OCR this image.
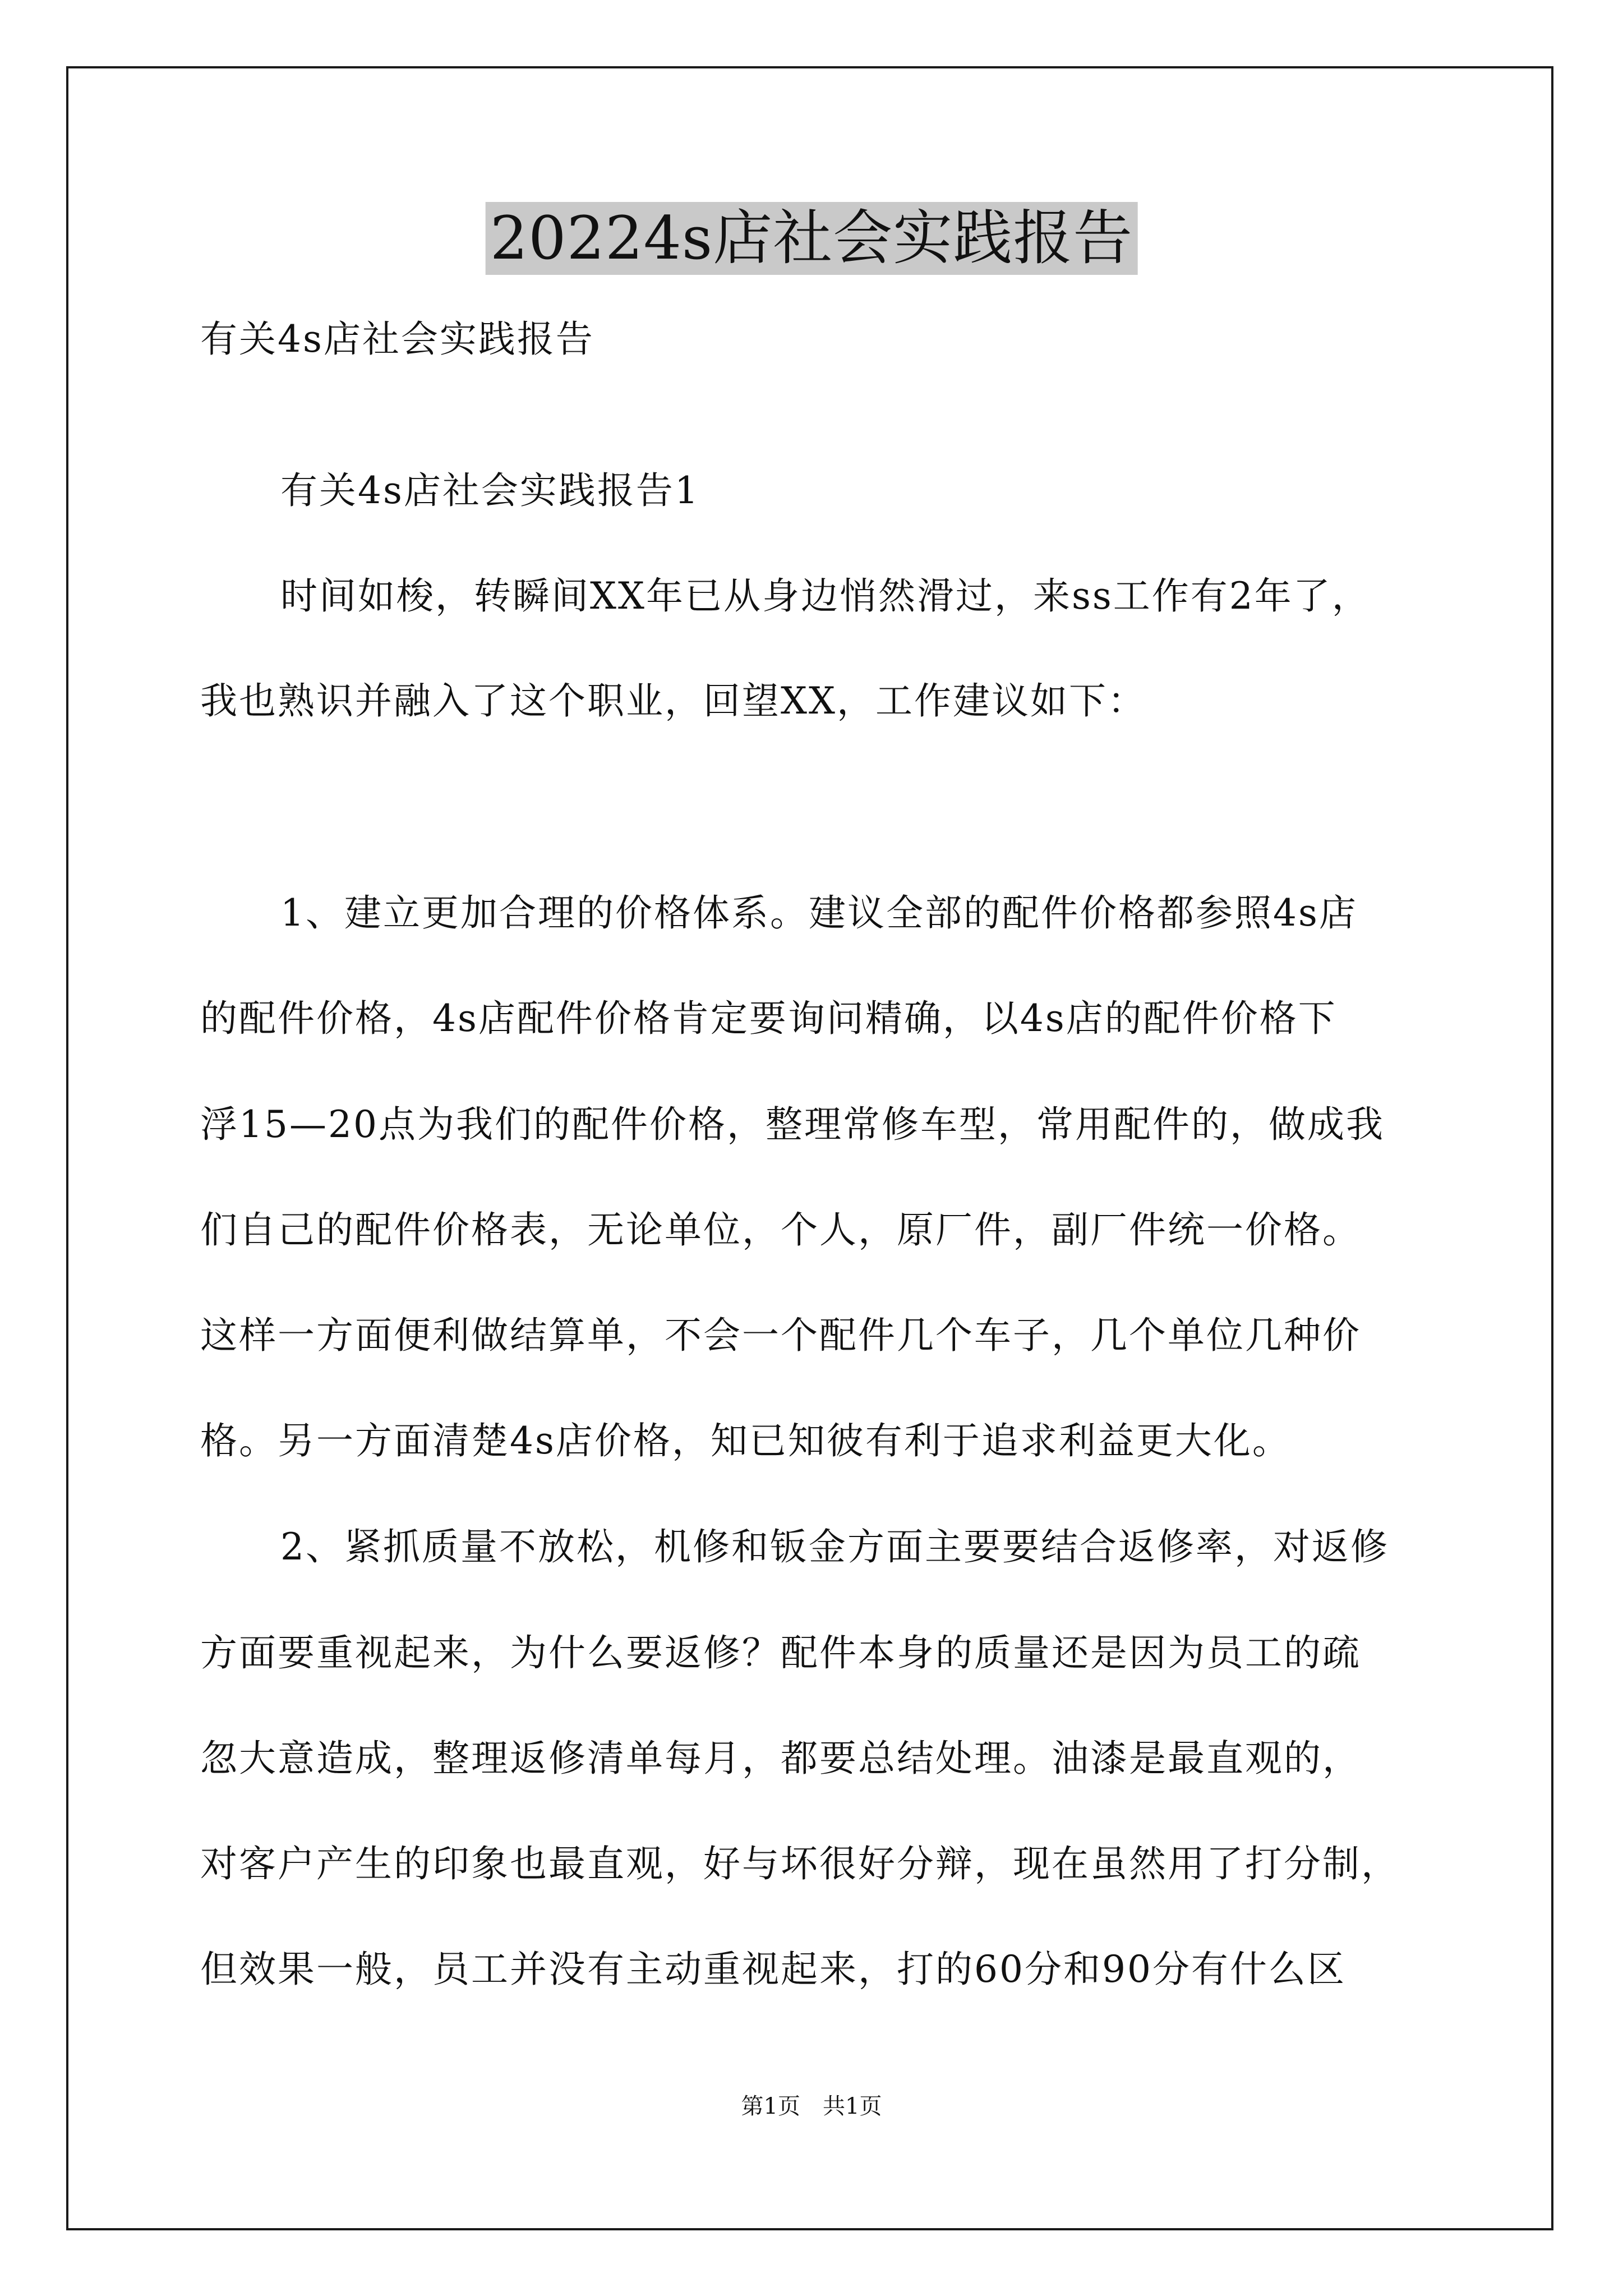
20224s店社会实践报告
有关4s店社会实践报告
有关4s店社会实践报告1
时间如梭，转瞬间XX年已从身边悄然滑过，来ss工作有2年了，
我也熟识并融入了这个职业，回望XX，工作建议如下：
1、建立更加合理的价格体系。建议全部的配件价格都参照4s店
的配件价格，4s店配件价格肯定要询问精确，以4s店的配件价格下
浮15—20点为我们的配件价格，整理常修车型，常用配件的，做成我
们自己的配件价格表，无论单位，个人，原厂件，副厂件统一价格。
这样一方面便利做结算单，不会一个配件几个车子，几个单位几种价
格。另一方面清楚4s店价格，知已知彼有利于追求利益更大化。
2、紧抓质量不放松，机修和钣金方面主要要结合返修率，对返修
方面要重视起来，为什么要返修？配件本身的质量还是因为员工的疏
忽大意造成，整理返修清单每月，都要总结处理。油漆是最直观的，
对客户产生的印象也最直观，好与坏很好分辩，现在虽然用了打分制，
但效果一般，员工并没有主动重视起来，打的60分和90分有什么区
第1页　共1页
